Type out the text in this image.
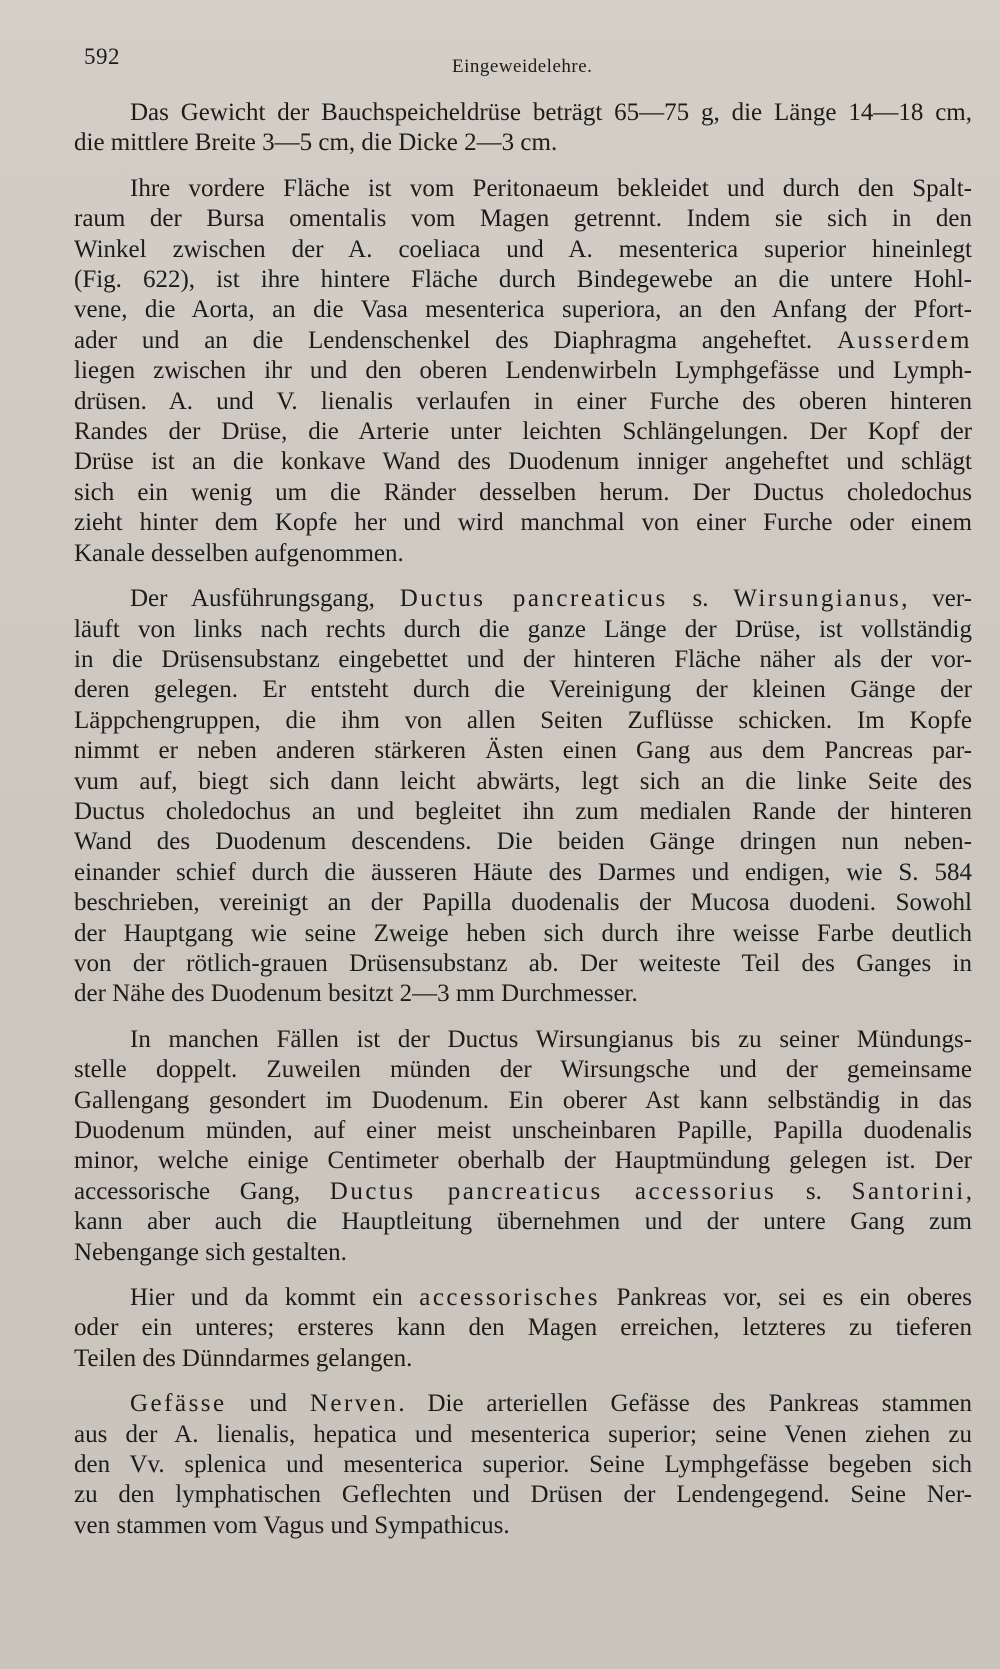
592	Eingeweidelehre.
Das Gewicht der Bauchspeicheldrüse beträgt 65—75 g, die Länge 14—18 cm,
die mittlere Breite 3—5 cm, die Dicke 2—3 cm.
Ihre vordere Fläche ist vom Peritonaeum bekleidet und durch den Spalt-
raum der Bursa omentalis vom Magen getrennt. Indem sie sich in den
Winkel zwischen der A. coeliaca und A. mesenterica superior hineinlegt
(Fig. 622), ist ihre hintere Fläche durch Bindegewebe an die untere Hohl-
vene, die Aorta, an die Vasa mesenterica superiora, an den Anfang der Pfort-
ader und an die Lendenschenkel des Diaphragma angeheftet. Ausserdem
liegen zwischen ihr und den oberen Lendenwirbeln Lymphgefässe und Lymph-
drüsen. A. und V. lienalis verlaufen in einer Furche des oberen hinteren
Randes der Drüse, die Arterie unter leichten Schlängelungen. Der Kopf der
Drüse ist an die konkave Wand des Duodenum inniger angeheftet und schlägt
sich ein wenig um die Ränder desselben herum. Der Ductus choledochus
zieht hinter dem Kopfe her und wird manchmal von einer Furche oder einem
Kanale desselben aufgenommen.
Der Ausführungsgang, Ductus pancreaticus s. Wirsungianus, ver-
läuft von links nach rechts durch die ganze Länge der Drüse, ist vollständig
in die Drüsensubstanz eingebettet und der hinteren Fläche näher als der vor-
deren gelegen. Er entsteht durch die Vereinigung der kleinen Gänge der
Läppchengruppen, die ihm von allen Seiten Zuflüsse schicken. Im Kopfe
nimmt er neben anderen stärkeren Ästen einen Gang aus dem Pancreas par-
vum auf, biegt sich dann leicht abwärts, legt sich an die linke Seite des
Ductus choledochus an und begleitet ihn zum medialen Rande der hinteren
Wand des Duodenum descendens. Die beiden Gänge dringen nun neben-
einander schief durch die äusseren Häute des Darmes und endigen, wie S. 584
beschrieben, vereinigt an der Papilla duodenalis der Mucosa duodeni. Sowohl
der Hauptgang wie seine Zweige heben sich durch ihre weisse Farbe deutlich
von der rötlich-grauen Drüsensubstanz ab. Der weiteste Teil des Ganges in
der Nähe des Duodenum besitzt 2—3 mm Durchmesser.
In manchen Fällen ist der Ductus Wirsungianus bis zu seiner Mündungs-
stelle doppelt. Zuweilen münden der Wirsungsche und der gemeinsame
Gallengang gesondert im Duodenum. Ein oberer Ast kann selbständig in das
Duodenum münden, auf einer meist unscheinbaren Papille, Papilla duodenalis
minor, welche einige Centimeter oberhalb der Hauptmündung gelegen ist. Der
accessorische Gang, Ductus pancreaticus accessorius s. Santorini,
kann aber auch die Hauptleitung übernehmen und der untere Gang zum
Nebengange sich gestalten.
Hier und da kommt ein accessorisches Pankreas vor, sei es ein oberes
oder ein unteres; ersteres kann den Magen erreichen, letzteres zu tieferen
Teilen des Dünndarmes gelangen.
Gefässe und Nerven. Die arteriellen Gefässe des Pankreas stammen
aus der A. lienalis, hepatica und mesenterica superior; seine Venen ziehen zu
den Vv. splenica und mesenterica superior. Seine Lymphgefässe begeben sich
zu den lymphatischen Geflechten und Drüsen der Lendengegend. Seine Ner-
ven stammen vom Vagus und Sympathicus.
